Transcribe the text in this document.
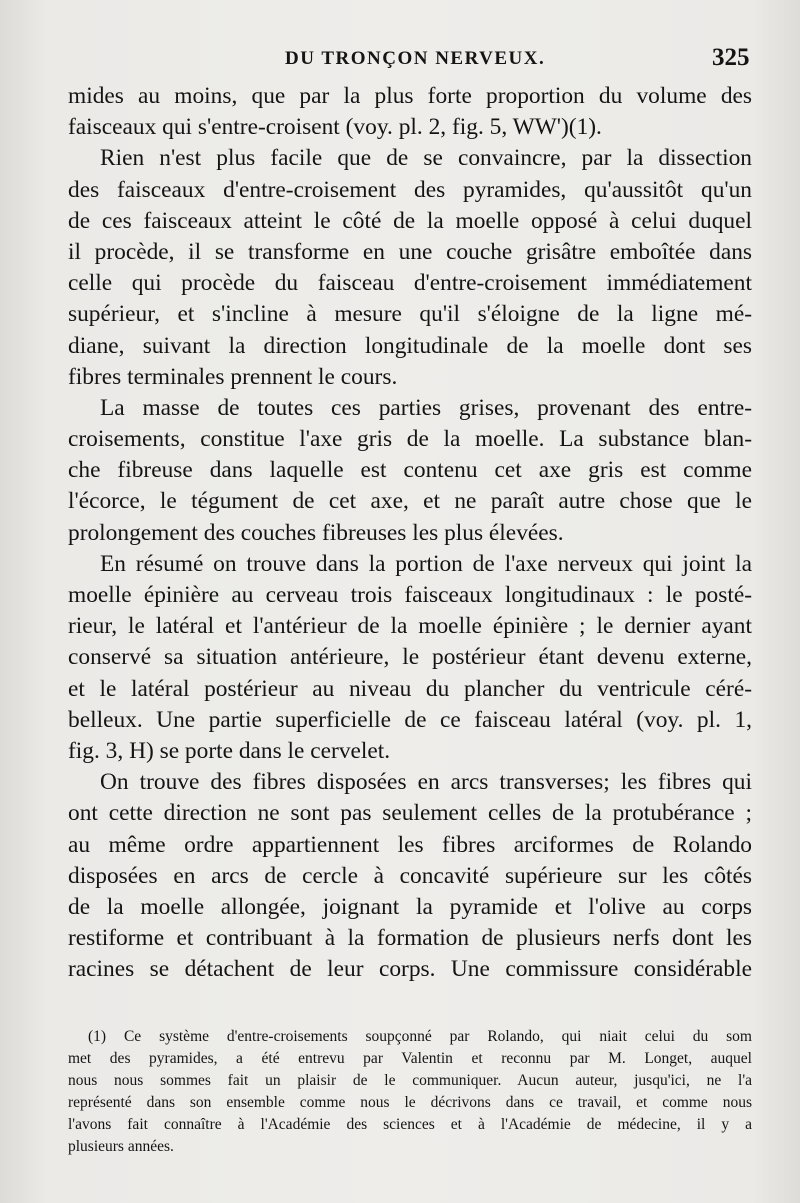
DU TRONÇON NERVEUX.	325
mides au moins, que par la plus forte proportion du volume des
faisceaux qui s'entre-croisent (voy. pl. 2, fig. 5, WW')(1).
Rien n'est plus facile que de se convaincre, par la dissection
des faisceaux d'entre-croisement des pyramides, qu'aussitôt qu'un
de ces faisceaux atteint le côté de la moelle opposé à celui duquel
il procède, il se transforme en une couche grisâtre emboîtée dans
celle qui procède du faisceau d'entre-croisement immédiatement
supérieur, et s'incline à mesure qu'il s'éloigne de la ligne mé-
diane, suivant la direction longitudinale de la moelle dont ses
fibres terminales prennent le cours.
La masse de toutes ces parties grises, provenant des entre-
croisements, constitue l'axe gris de la moelle. La substance blan-
che fibreuse dans laquelle est contenu cet axe gris est comme
l'écorce, le tégument de cet axe, et ne paraît autre chose que le
prolongement des couches fibreuses les plus élevées.
En résumé on trouve dans la portion de l'axe nerveux qui joint la
moelle épinière au cerveau trois faisceaux longitudinaux : le posté-
rieur, le latéral et l'antérieur de la moelle épinière ; le dernier ayant
conservé sa situation antérieure, le postérieur étant devenu externe,
et le latéral postérieur au niveau du plancher du ventricule céré-
belleux. Une partie superficielle de ce faisceau latéral (voy. pl. 1,
fig. 3, H) se porte dans le cervelet.
On trouve des fibres disposées en arcs transverses; les fibres qui
ont cette direction ne sont pas seulement celles de la protubérance ;
au même ordre appartiennent les fibres arciformes de Rolando
disposées en arcs de cercle à concavité supérieure sur les côtés
de la moelle allongée, joignant la pyramide et l'olive au corps
restiforme et contribuant à la formation de plusieurs nerfs dont les
racines se détachent de leur corps. Une commissure considérable
(1) Ce système d'entre-croisements soupçonné par Rolando, qui niait celui du som
met des pyramides, a été entrevu par Valentin et reconnu par M. Longet, auquel
nous nous sommes fait un plaisir de le communiquer. Aucun auteur, jusqu'ici, ne l'a
représenté dans son ensemble comme nous le décrivons dans ce travail, et comme nous
l'avons fait connaître à l'Académie des sciences et à l'Académie de médecine, il y a
plusieurs années.
